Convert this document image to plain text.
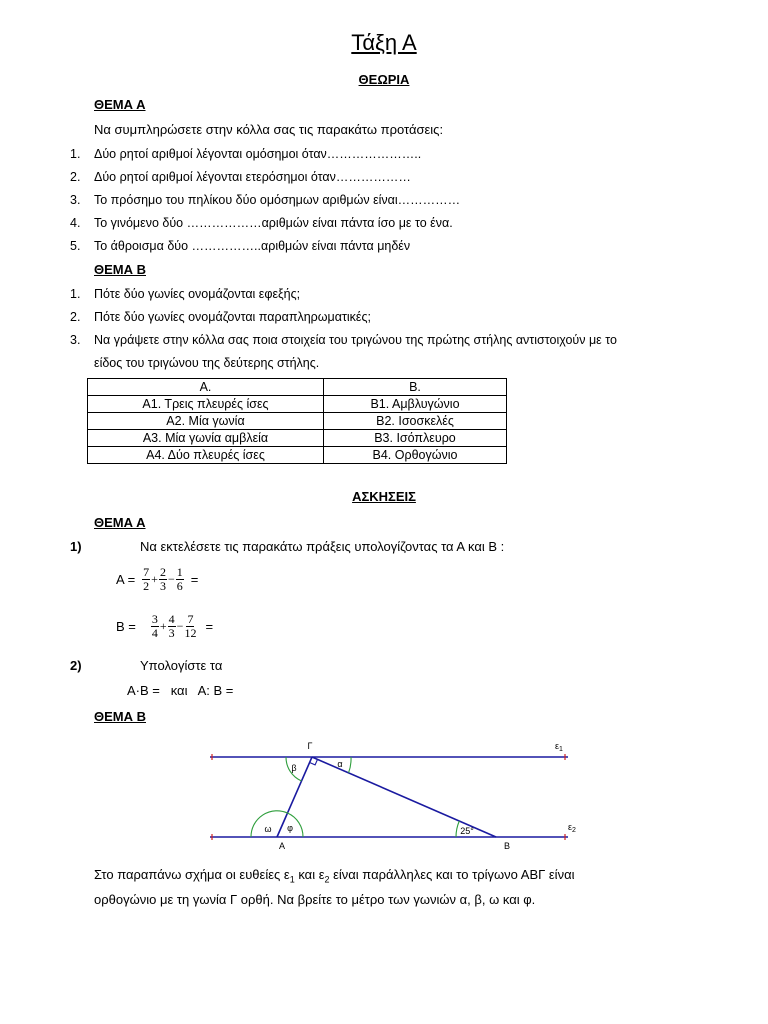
Τάξη Α
ΘΕΩΡΙΑ
ΘΕΜΑ Α
Να συμπληρώσετε στην κόλλα σας τις παρακάτω προτάσεις:
1. Δύο ρητοί αριθμοί λέγονται ομόσημοι όταν…………………..
2. Δύο ρητοί αριθμοί λέγονται ετερόσημοι όταν………………
3. Το πρόσημο του πηλίκου δύο ομόσημων αριθμών είναι……………
4. Το γινόμενο δύο ………………αριθμών είναι πάντα ίσο με το ένα.
5. Το άθροισμα δύο ……………..αριθμών είναι πάντα μηδέν
ΘΕΜΑ Β
1. Πότε δύο γωνίες ονομάζονται εφεξής;
2. Πότε δύο γωνίες ονομάζονται παραπληρωματικές;
3. Να γράψετε στην κόλλα σας ποια στοιχεία του τριγώνου της πρώτης στήλης αντιστοιχούν με το
είδος του τριγώνου της δεύτερης στήλης.
Α.	Β.
Α1. Τρεις πλευρές ίσες	Β1. Αμβλυγώνιο
Α2. Μία γωνία	Β2. Ισοσκελές
Α3. Μία γωνία αμβλεία	Β3. Ισόπλευρο
Α4. Δύο πλευρές ίσες	Β4. Ορθογώνιο
ΑΣΚΗΣΕΙΣ
ΘΕΜΑ Α
1)	Να εκτελέσετε τις παρακάτω πράξεις υπολογίζοντας τα Α και Β :
$A = \frac{7}{2} + \frac{2}{3} - \frac{1}{6}$ =
$B = \frac{3}{4} + \frac{4}{3} - \frac{7}{12}$ =
2)	Υπολογίστε τα
Α·Β =   και   Α: Β =
ΘΕΜΑ Β
Γ
Α	Β
α
β
ω φ	25°
$\varepsilon_1$
$\varepsilon_2$
Στο παραπάνω σχήμα οι ευθείες $\varepsilon_1$ και $\varepsilon_2$ είναι παράλληλες και το τρίγωνο ΑΒΓ είναι
ορθογώνιο με τη γωνία Γ ορθή. Να βρείτε το μέτρο των γωνιών α, β, ω και φ.
